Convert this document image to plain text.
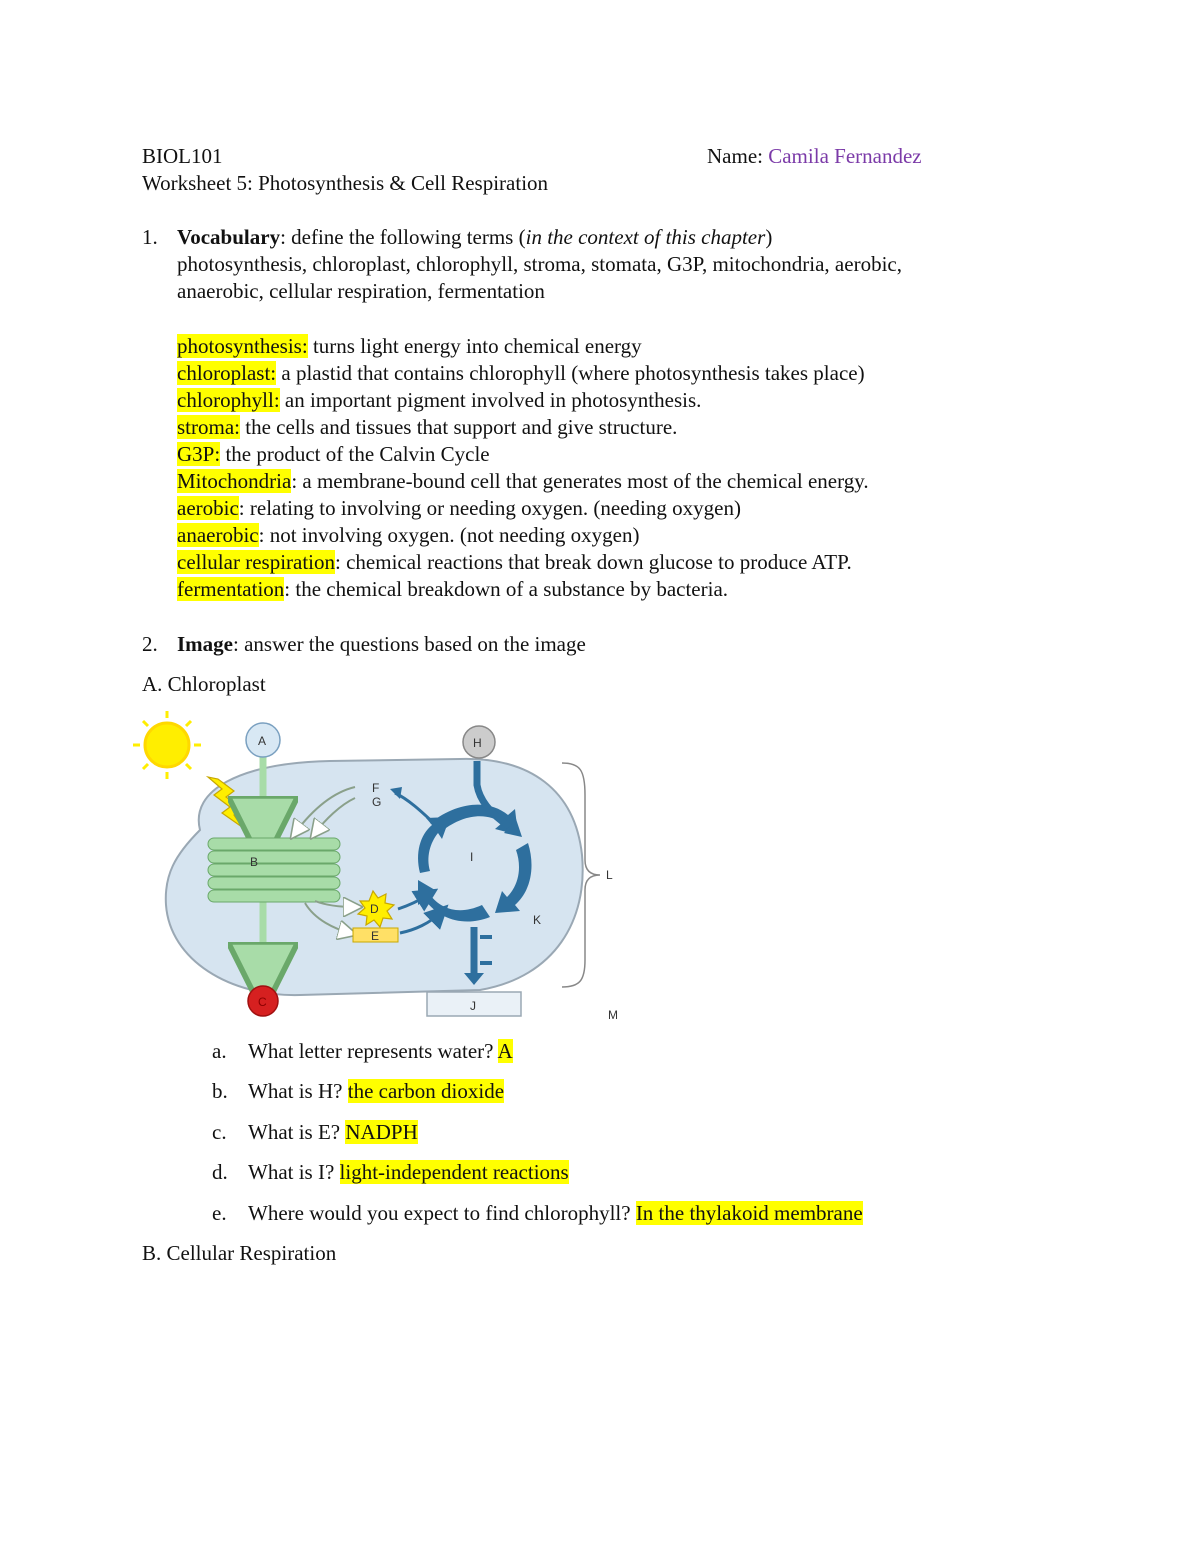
BIOL101	Name: Camila Fernandez
Worksheet 5: Photosynthesis & Cell Respiration
1. Vocabulary: define the following terms (in the context of this chapter)
photosynthesis, chloroplast, chlorophyll, stroma, stomata, G3P, mitochondria, aerobic,
anaerobic, cellular respiration, fermentation
photosynthesis: turns light energy into chemical energy
chloroplast: a plastid that contains chlorophyll (where photosynthesis takes place)
chlorophyll: an important pigment involved in photosynthesis.
stroma: the cells and tissues that support and give structure.
G3P: the product of the Calvin Cycle
Mitochondria: a membrane-bound cell that generates most of the chemical energy.
aerobic: relating to involving or needing oxygen. (needing oxygen)
anaerobic: not involving oxygen. (not needing oxygen)
cellular respiration: chemical reactions that break down glucose to produce ATP.
fermentation: the chemical breakdown of a substance by bacteria.
2. Image: answer the questions based on the image
A. Chloroplast
A	H
C
B
F
G
D
E
I
J
K
L
M
a. What letter represents water? A
b. What is H? the carbon dioxide
c. What is E? NADPH
d. What is I? light-independent reactions
e. Where would you expect to find chlorophyll? In the thylakoid membrane
B. Cellular Respiration
